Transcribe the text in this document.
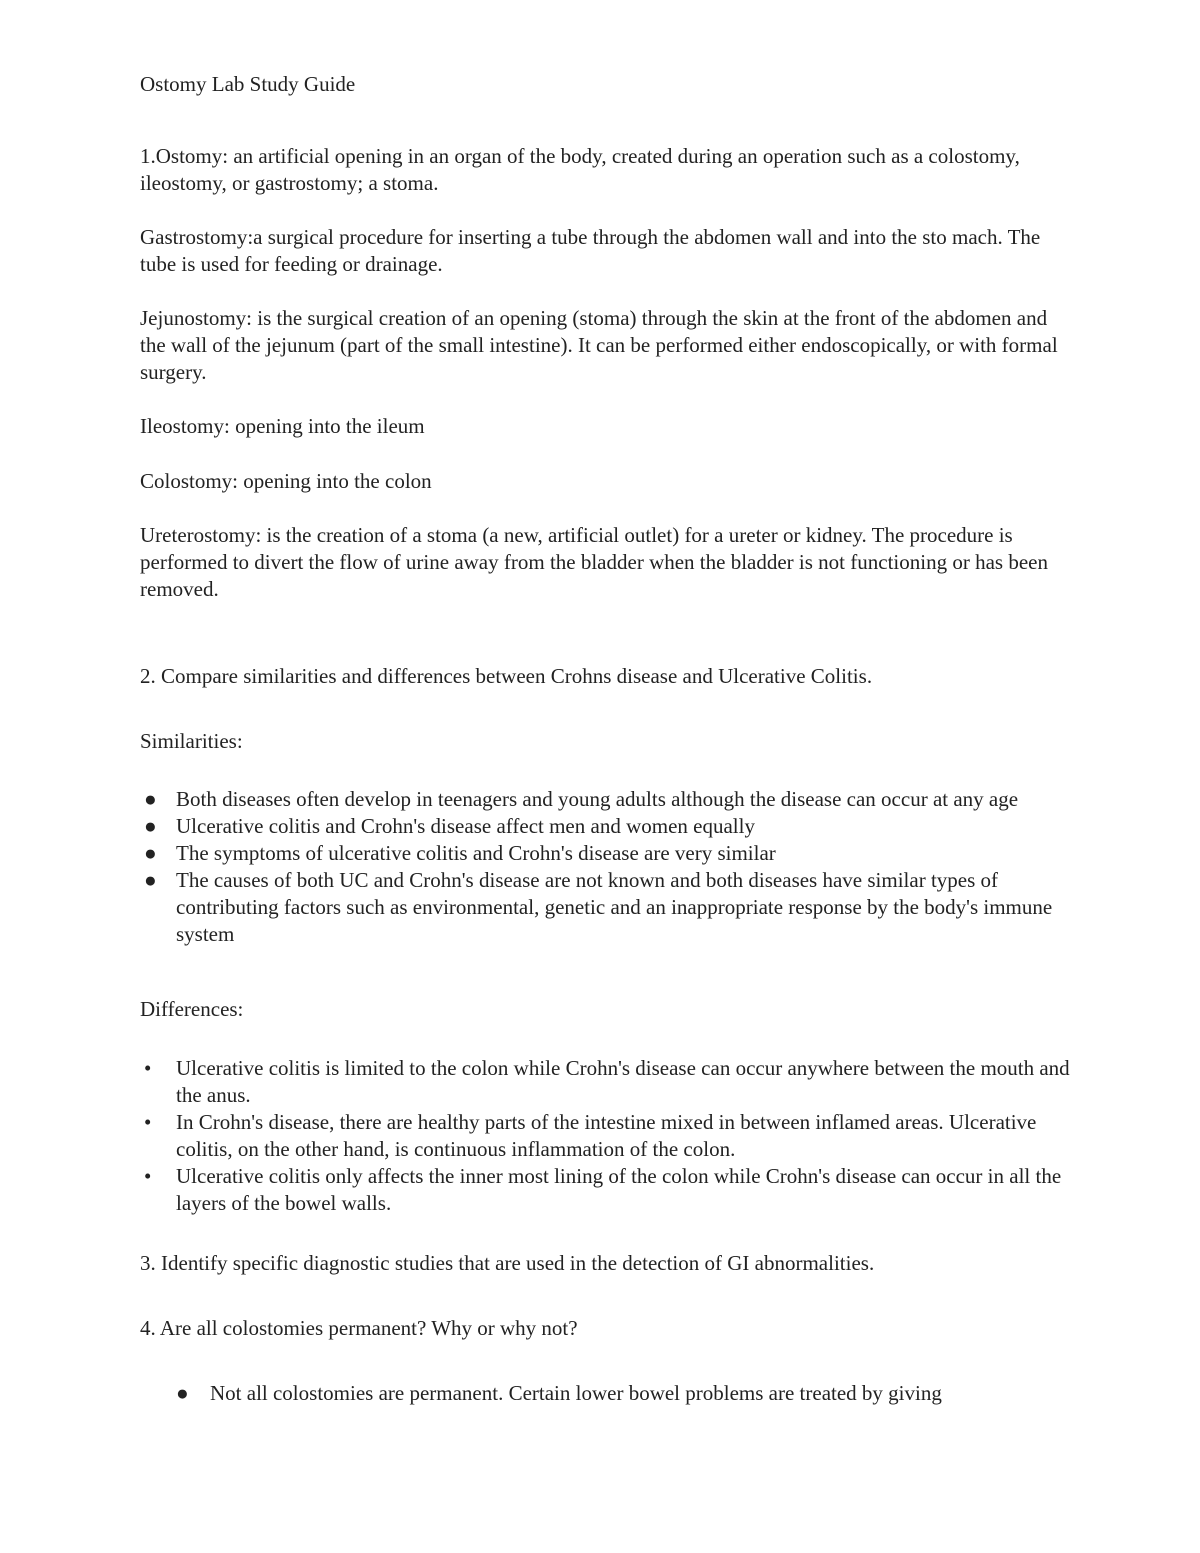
Ostomy Lab Study Guide

1.Ostomy: an artificial opening in an organ of the body, created during an operation such as a colostomy, ileostomy, or gastrostomy; a stoma.

Gastrostomy:a surgical procedure for inserting a tube through the abdomen wall and into the sto mach. The tube is used for feeding or drainage.

Jejunostomy: is the surgical creation of an opening (stoma) through the skin at the front of the abdomen and the wall of the jejunum (part of the small intestine). It can be performed either endoscopically, or with formal surgery.

Ileostomy: opening into the ileum

Colostomy: opening into the colon

Ureterostomy: is the creation of a stoma (a new, artificial outlet) for a ureter or kidney. The procedure is performed to divert the flow of urine away from the bladder when the bladder is not functioning or has been removed.

2. Compare similarities and differences between Crohns disease and Ulcerative Colitis.

Similarities:

● Both diseases often develop in teenagers and young adults although the disease can occur at any age
● Ulcerative colitis and Crohn's disease affect men and women equally
● The symptoms of ulcerative colitis and Crohn's disease are very similar
● The causes of both UC and Crohn's disease are not known and both diseases have similar types of contributing factors such as environmental, genetic and an inappropriate response by the body's immune system

Differences:

• Ulcerative colitis is limited to the colon while Crohn's disease can occur anywhere between the mouth and the anus.
• In Crohn's disease, there are healthy parts of the intestine mixed in between inflamed areas. Ulcerative colitis, on the other hand, is continuous inflammation of the colon.
• Ulcerative colitis only affects the inner most lining of the colon while Crohn's disease can occur in all the layers of the bowel walls.

3. Identify specific diagnostic studies that are used in the detection of GI abnormalities.

4. Are all colostomies permanent? Why or why not?

● Not all colostomies are permanent. Certain lower bowel problems are treated by giving
